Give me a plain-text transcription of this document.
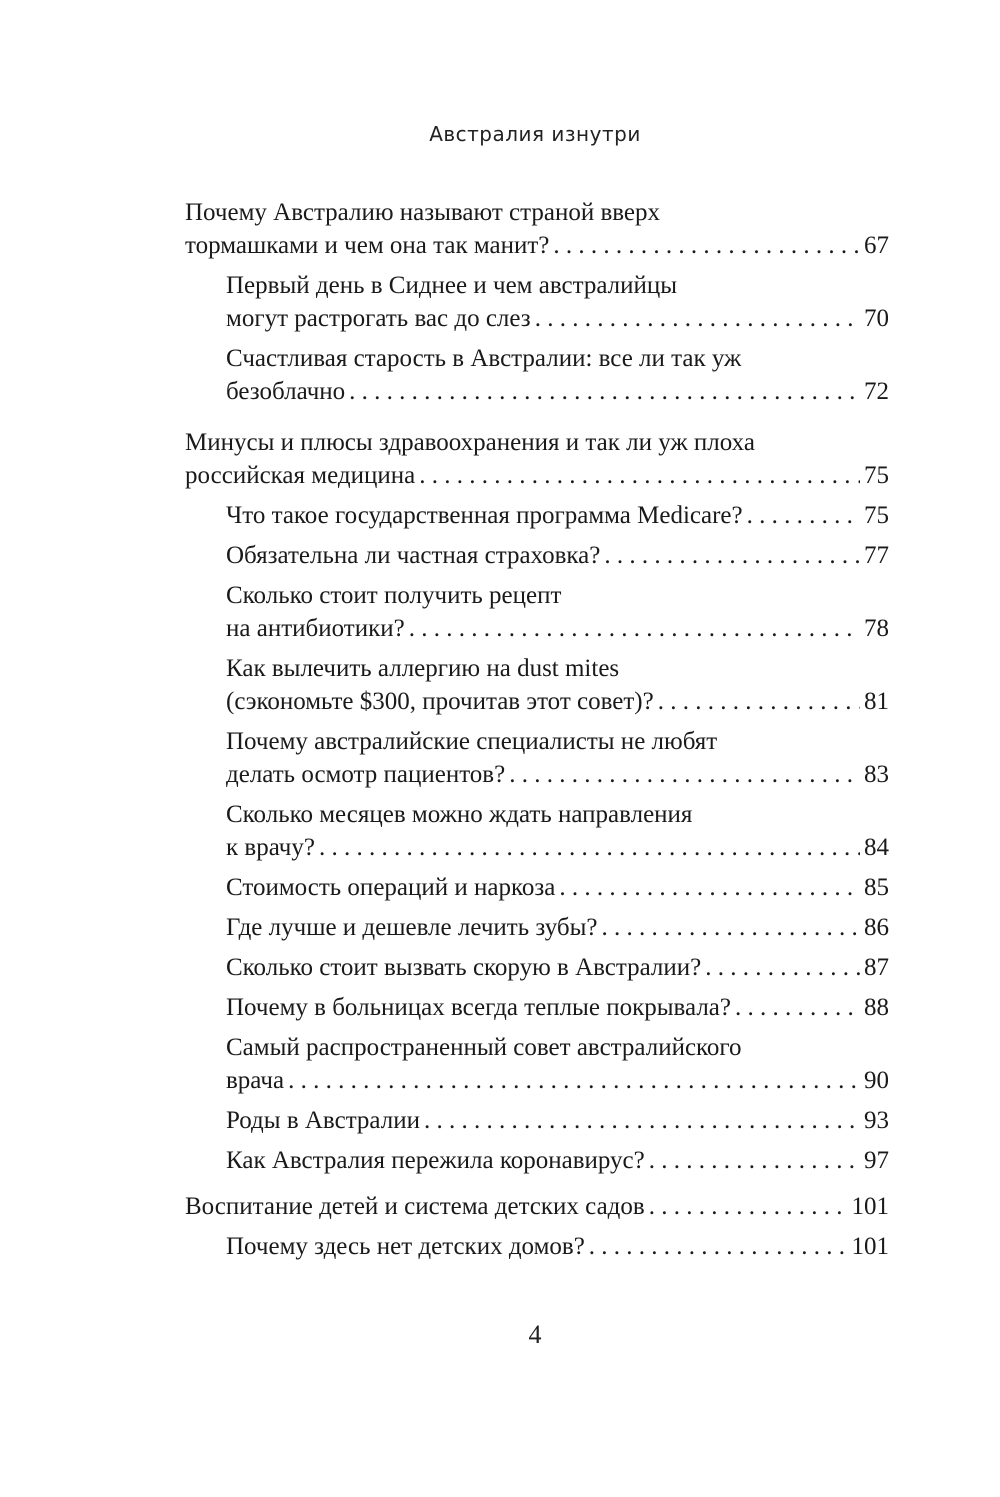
Австралия изнутри
Почему Австралию называют страной вверх
тормашками и чем она так манит? . . .	67
Первый день в Сиднее и чем австралийцы
могут растрогать вас до слез . . .	70
Счастливая старость в Австралии: все ли так уж
безоблачно . . .	72
Минусы и плюсы здравоохранения и так ли уж плоха
российская медицина . . .	75
Что такое государственная программа Medicare? . . .	75
Обязательна ли частная страховка? . . .	77
Сколько стоит получить рецепт
на антибиотики? . . .	78
Как вылечить аллергию на dust mites
(сэкономьте $300, прочитав этот совет)? . . .	81
Почему австралийские специалисты не любят
делать осмотр пациентов? . . .	83
Сколько месяцев можно ждать направления
к врачу? . . .	84
Стоимость операций и наркоза . . .	85
Где лучше и дешевле лечить зубы? . . .	86
Сколько стоит вызвать скорую в Австралии? . . .	87
Почему в больницах всегда теплые покрывала? . . .	88
Самый распространенный совет австралийского
врача . . .	90
Роды в Австралии . . .	93
Как Австралия пережила коронавирус? . . .	97
Воспитание детей и система детских садов . . .	101
Почему здесь нет детских домов? . . .	101
4
